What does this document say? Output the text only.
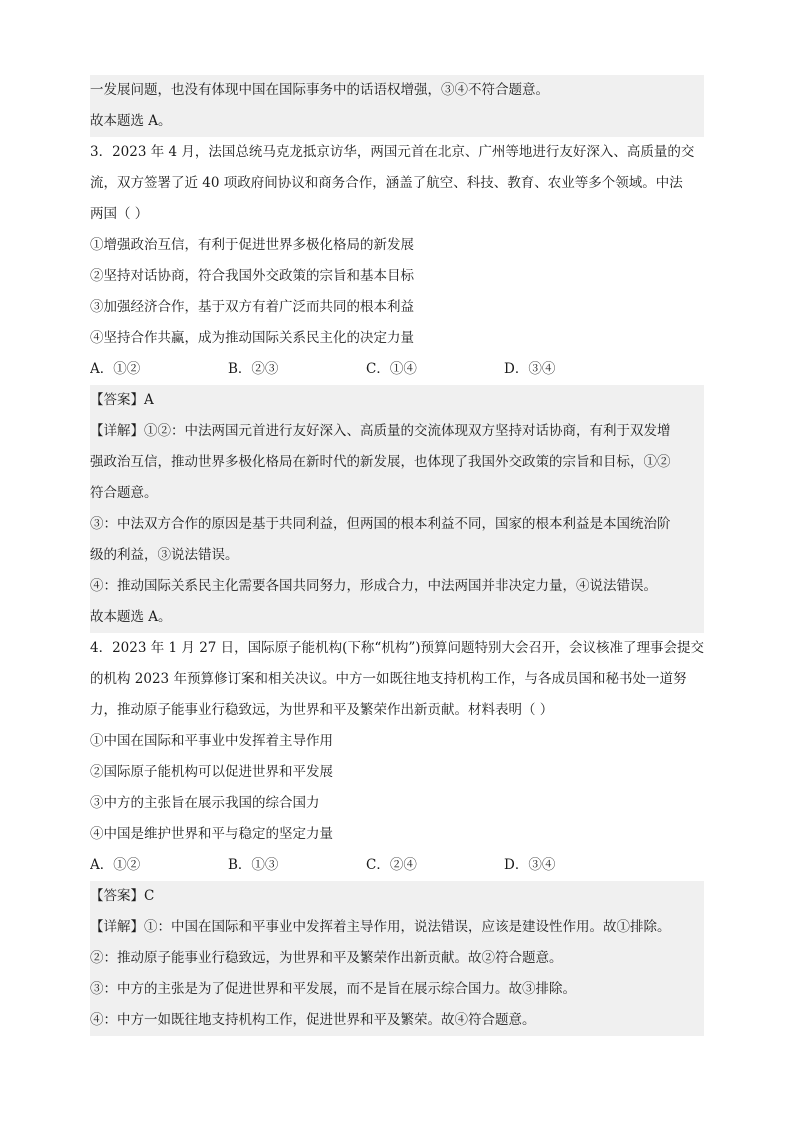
一发展问题，也没有体现中国在国际事务中的话语权增强，③④不符合题意。
故本题选 A。
3．2023 年 4 月，法国总统马克龙抵京访华，两国元首在北京、广州等地进行友好深入、高质量的交
流，双方签署了近 40 项政府间协议和商务合作，涵盖了航空、科技、教育、农业等多个领域。中法
两国（ ）
①增强政治互信，有利于促进世界多极化格局的新发展
②坚持对话协商，符合我国外交政策的宗旨和基本目标
③加强经济合作，基于双方有着广泛而共同的根本利益
④坚持合作共赢，成为推动国际关系民主化的决定力量
A．①②	B．②③	C．①④	D．③④
【答案】A
【详解】①②：中法两国元首进行友好深入、高质量的交流体现双方坚持对话协商，有利于双发增
强政治互信，推动世界多极化格局在新时代的新发展，也体现了我国外交政策的宗旨和目标，①②
符合题意。
③：中法双方合作的原因是基于共同利益，但两国的根本利益不同，国家的根本利益是本国统治阶
级的利益，③说法错误。
④：推动国际关系民主化需要各国共同努力，形成合力，中法两国并非决定力量，④说法错误。
故本题选 A。
4．2023 年 1 月 27 日，国际原子能机构(下称“机构”)预算问题特别大会召开，会议核准了理事会提交
的机构 2023 年预算修订案和相关决议。中方一如既往地支持机构工作，与各成员国和秘书处一道努
力，推动原子能事业行稳致远，为世界和平及繁荣作出新贡献。材料表明（ ）
①中国在国际和平事业中发挥着主导作用
②国际原子能机构可以促进世界和平发展
③中方的主张旨在展示我国的综合国力
④中国是维护世界和平与稳定的坚定力量
A．①②	B．①③	C．②④	D．③④
【答案】C
【详解】①：中国在国际和平事业中发挥着主导作用，说法错误，应该是建设性作用。故①排除。
②：推动原子能事业行稳致远，为世界和平及繁荣作出新贡献。故②符合题意。
③：中方的主张是为了促进世界和平发展，而不是旨在展示综合国力。故③排除。
④：中方一如既往地支持机构工作，促进世界和平及繁荣。故④符合题意。
